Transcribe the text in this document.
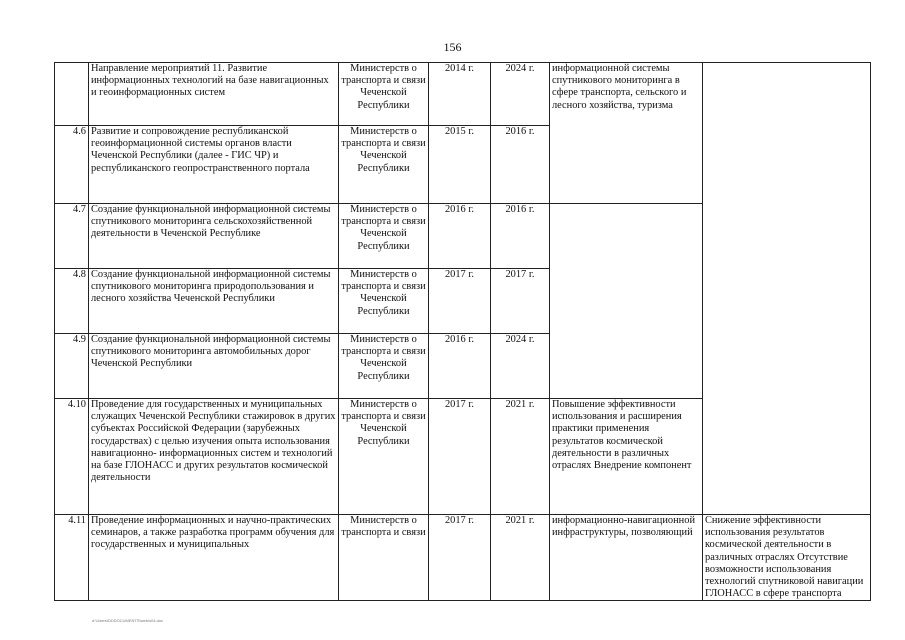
156
	Направление мероприятий 11. Развитие информационных технологий на базе навигационных и геоинформационных систем	Министерств о транспорта и связи Чеченской Республики	2014 г.	2024 г.	информационной системы спутникового мониторинга в сфере транспорта, сельского и лесного хозяйства, туризма	
4.6	Развитие и сопровождение республиканской геоинформационной системы органов власти Чеченской Республики (далее - ГИС ЧР) и республиканского геопространственного портала	Министерств о транспорта и связи Чеченской Республики	2015 г.	2016 г.		
4.7	Создание функциональной информационной системы спутникового мониторинга сельскохозяйственной деятельности в Чеченской Республике	Министерств о транспорта и связи Чеченской Республики	2016 г.	2016 г.		
4.8	Создание функциональной информационной системы спутникового мониторинга природопользования и лесного хозяйства Чеченской Республики	Министерств о транспорта и связи Чеченской Республики	2017 г.	2017 г.		
4.9	Создание функциональной информационной системы спутникового мониторинга автомобильных дорог Чеченской Республики	Министерств о транспорта и связи Чеченской Республики	2016 г.	2024 г.		
4.10	Проведение для государственных и муниципальных служащих Чеченской Республики стажировок в других субъектах Российской Федерации (зарубежных государствах) с целью изучения опыта использования навигационно- информационных систем и технологий на базе ГЛОНАСС и других результатов космической деятельности	Министерств о транспорта и связи Чеченской Республики	2017 г.	2021 г.	Повышение эффективности использования и расширения практики применения результатов космической деятельности в различных отраслях Внедрение компонент	
4.11	Проведение информационных и научно-практических семинаров, а также разработка программ обучения для государственных и муниципальных	Министерств о транспорта и связи	2017 г.	2021 г.	информационно-навигационной инфраструктуры, позволяющий	Снижение эффективности использования результатов космической деятельности в различных отраслях Отсутствие возможности использования технологий спутниковой навигации ГЛОНАСС в сфере транспорта
d:\Users\DDDOCUMENTS\web\s04.doc
